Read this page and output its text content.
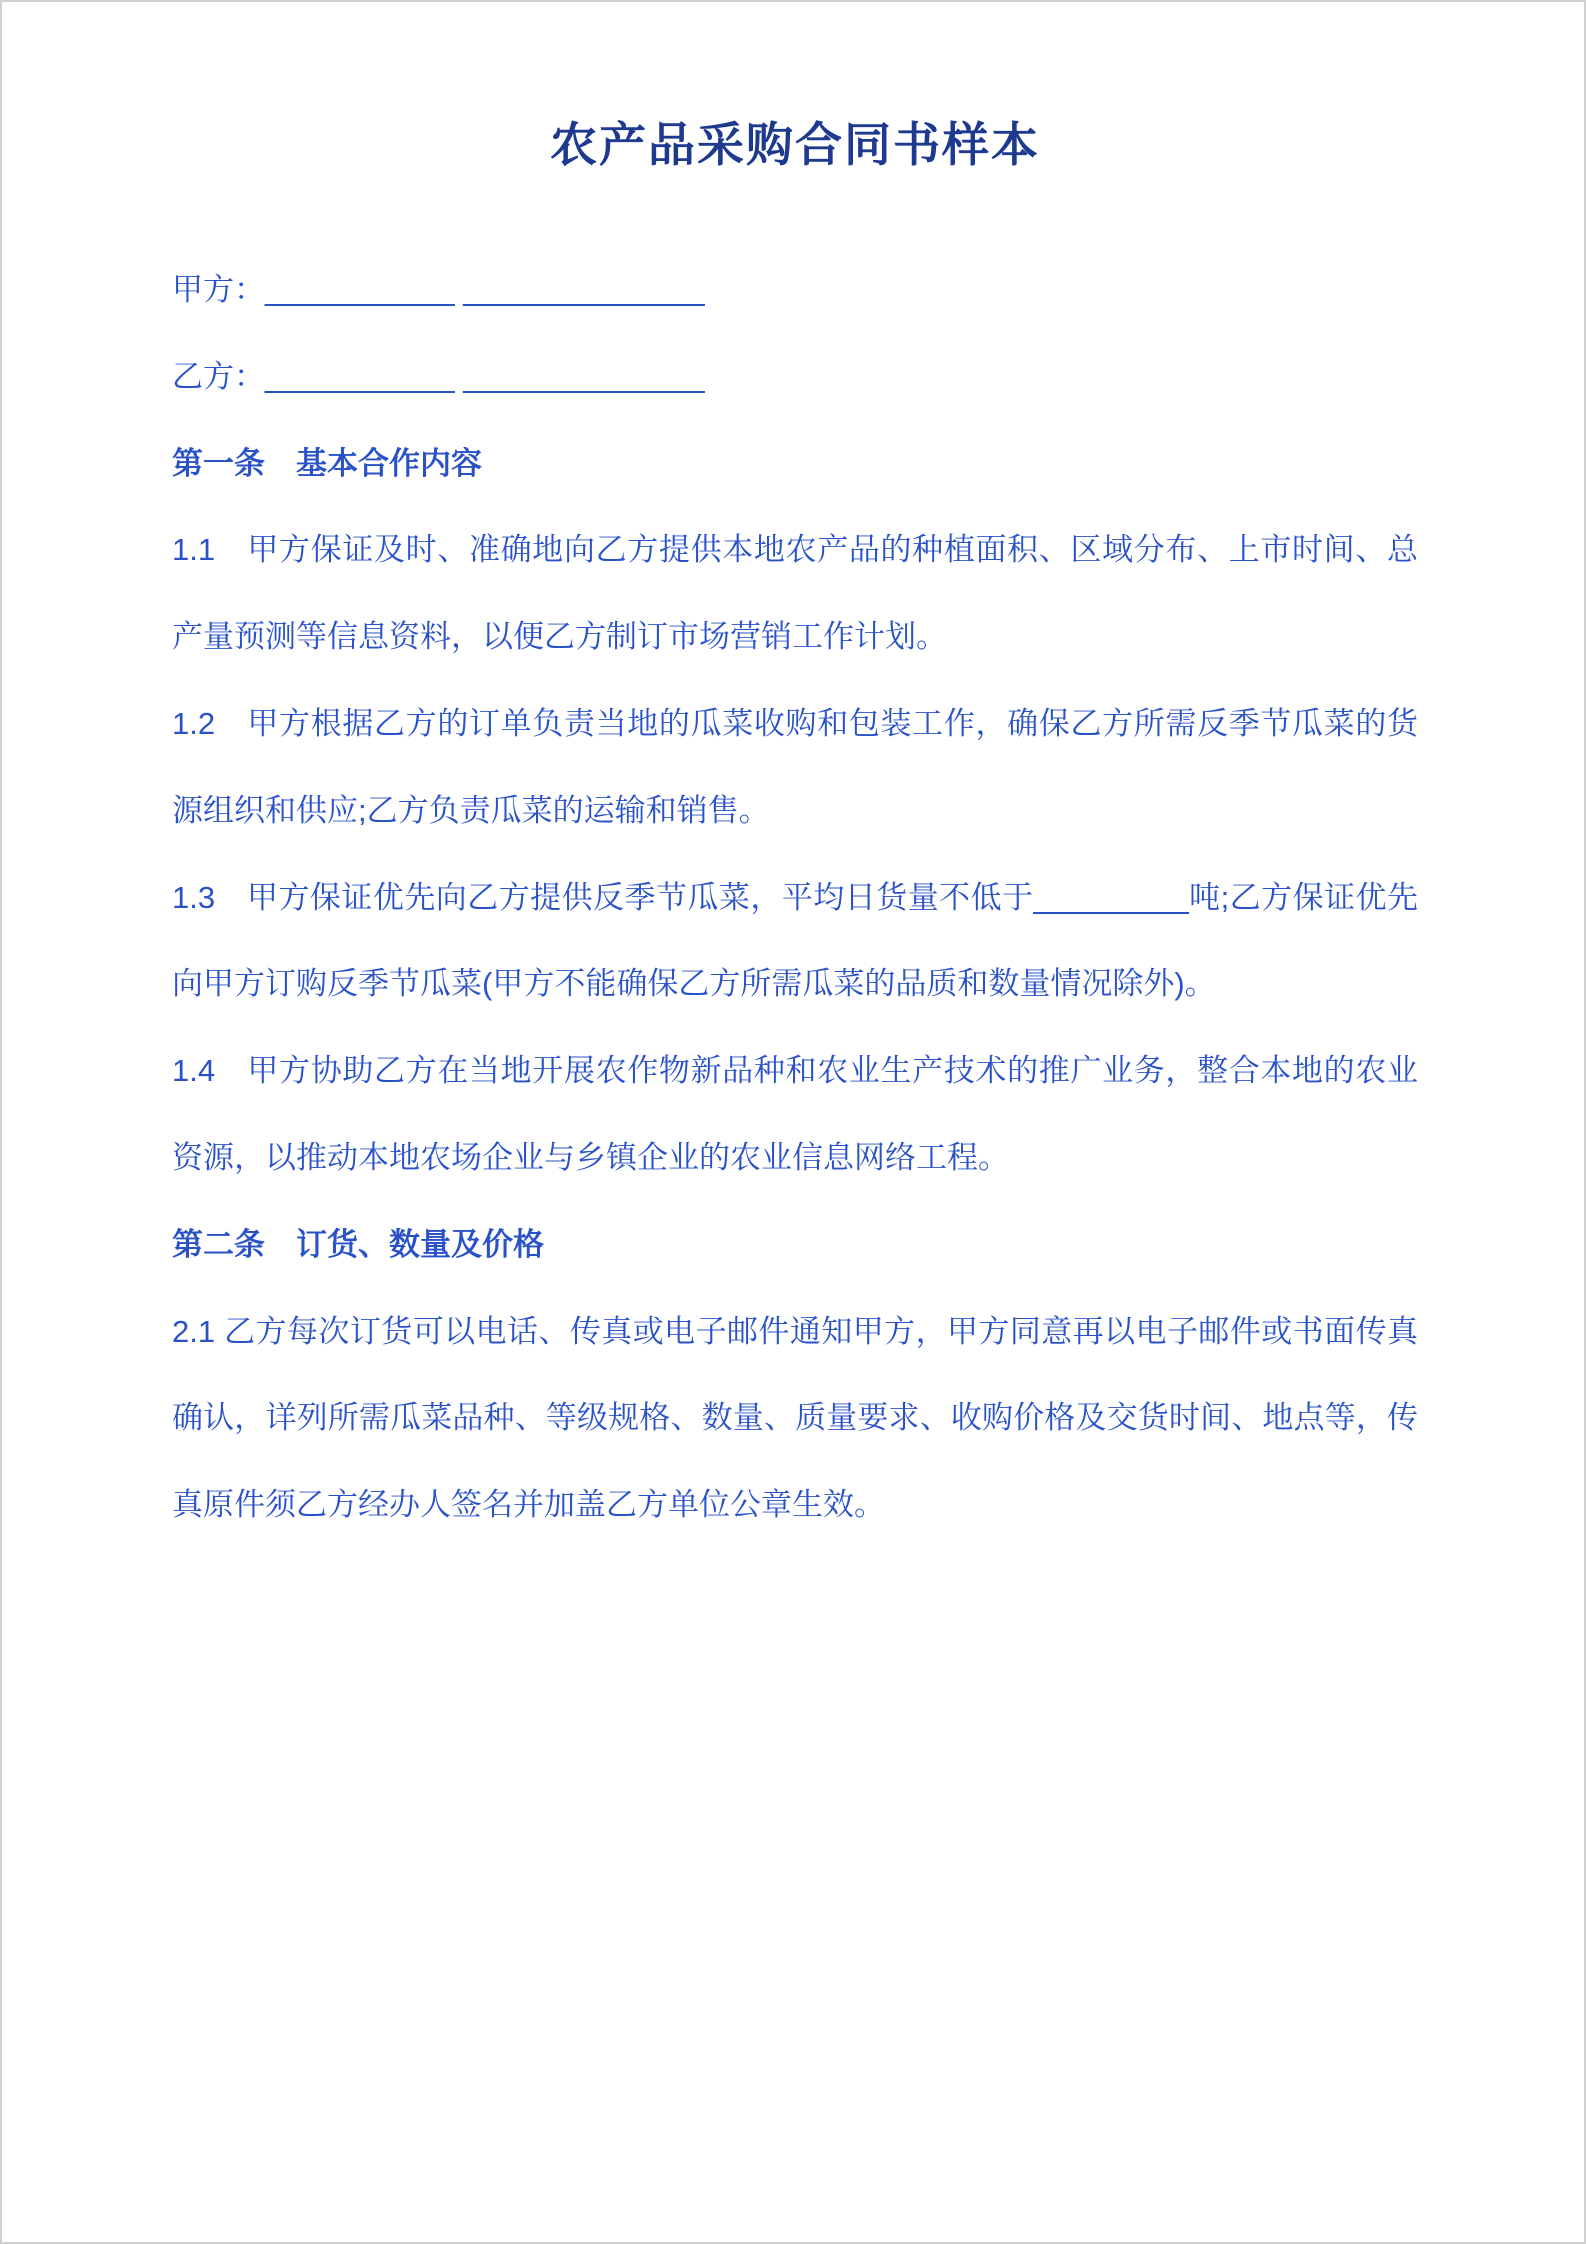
农产品采购合同书样本

甲方：___________ ______________

乙方：___________ ______________

第一条　基本合作内容

1.1　甲方保证及时、准确地向乙方提供本地农产品的种植面积、区域分布、上市时间、总产量预测等信息资料，以便乙方制订市场营销工作计划。

1.2　甲方根据乙方的订单负责当地的瓜菜收购和包装工作，确保乙方所需反季节瓜菜的货源组织和供应;乙方负责瓜菜的运输和销售。

1.3　甲方保证优先向乙方提供反季节瓜菜，平均日货量不低于_________吨;乙方保证优先向甲方订购反季节瓜菜(甲方不能确保乙方所需瓜菜的品质和数量情况除外)。

1.4　甲方协助乙方在当地开展农作物新品种和农业生产技术的推广业务，整合本地的农业资源，以推动本地农场企业与乡镇企业的农业信息网络工程。

第二条　订货、数量及价格

2.1 乙方每次订货可以电话、传真或电子邮件通知甲方，甲方同意再以电子邮件或书面传真确认，详列所需瓜菜品种、等级规格、数量、质量要求、收购价格及交货时间、地点等，传真原件须乙方经办人签名并加盖乙方单位公章生效。
